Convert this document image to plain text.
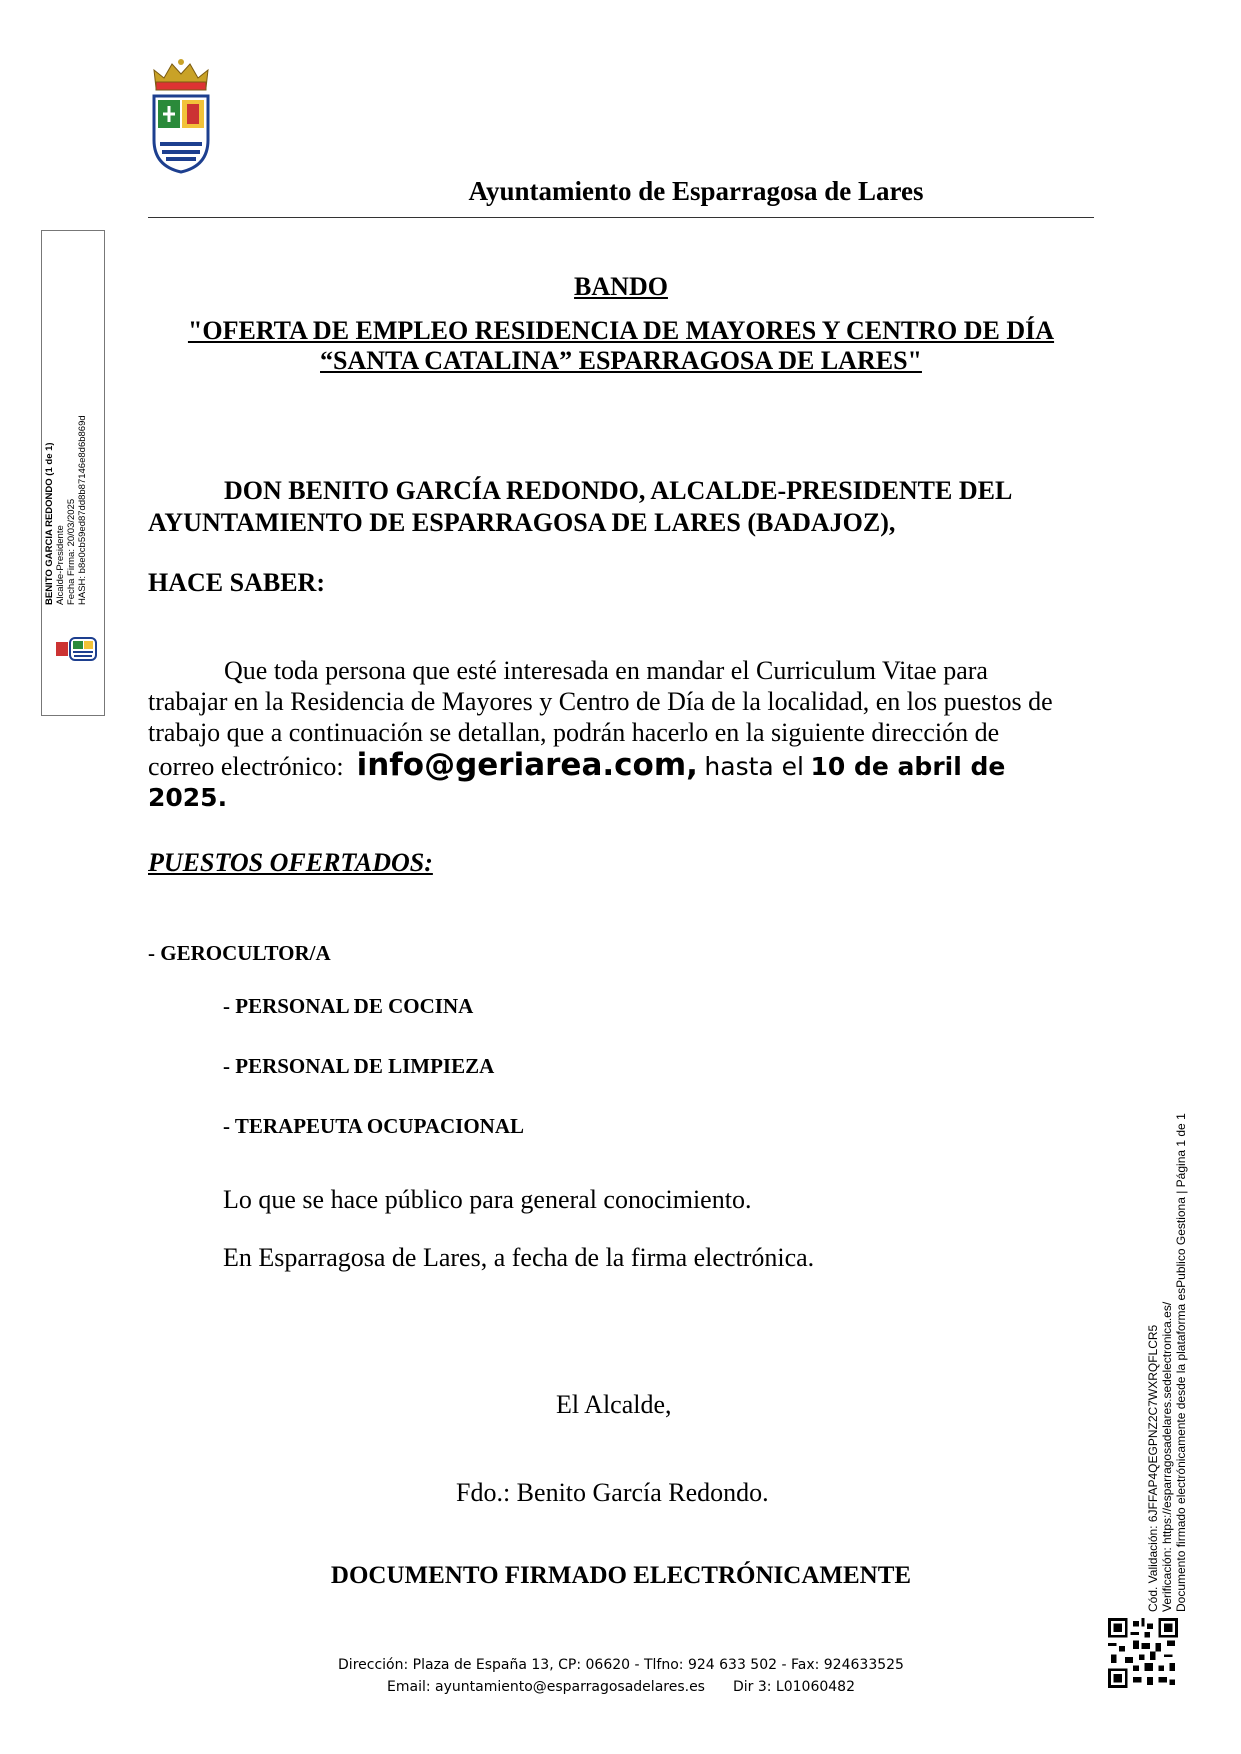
Ayuntamiento de Esparragosa de Lares
BENITO GARCIA REDONDO (1 de 1) Alcalde-Presidente Fecha Firma: 20/03/2025 HASH: b8e0cb59ed87dd8b87146e8d6b869d
BANDO
"OFERTA DE EMPLEO RESIDENCIA DE MAYORES Y CENTRO DE DÍA
“SANTA CATALINA” ESPARRAGOSA DE LARES"
DON BENITO GARCÍA REDONDO, ALCALDE-PRESIDENTE DEL
AYUNTAMIENTO DE ESPARRAGOSA DE LARES (BADAJOZ),
HACE SABER:
Que toda persona que esté interesada en mandar el Curriculum Vitae para
trabajar en la Residencia de Mayores y Centro de Día de la localidad, en los puestos de
trabajo que a continuación se detallan, podrán hacerlo en la siguiente dirección de
correo electrónico: info@geriarea.com, hasta el 10 de abril de
2025.
PUESTOS OFERTADOS:
- GEROCULTOR/A
- PERSONAL DE COCINA
- PERSONAL DE LIMPIEZA
- TERAPEUTA OCUPACIONAL
Lo que se hace público para general conocimiento.
En Esparragosa de Lares, a fecha de la firma electrónica.
El Alcalde,
Fdo.: Benito García Redondo.
DOCUMENTO FIRMADO ELECTRÓNICAMENTE
Dirección: Plaza de España 13, CP: 06620 - Tlfno: 924 633 502 - Fax: 924633525
Email: ayuntamiento@esparragosadelares.es Dir 3: L01060482
Cód. Validación: 6JFFAP4QEGPNZ2C7WXRQFLCR5 Verificación: https://esparragosadelares.sedelectronica.es/ Documento firmado electrónicamente desde la plataforma esPublico Gestiona | Página 1 de 1
